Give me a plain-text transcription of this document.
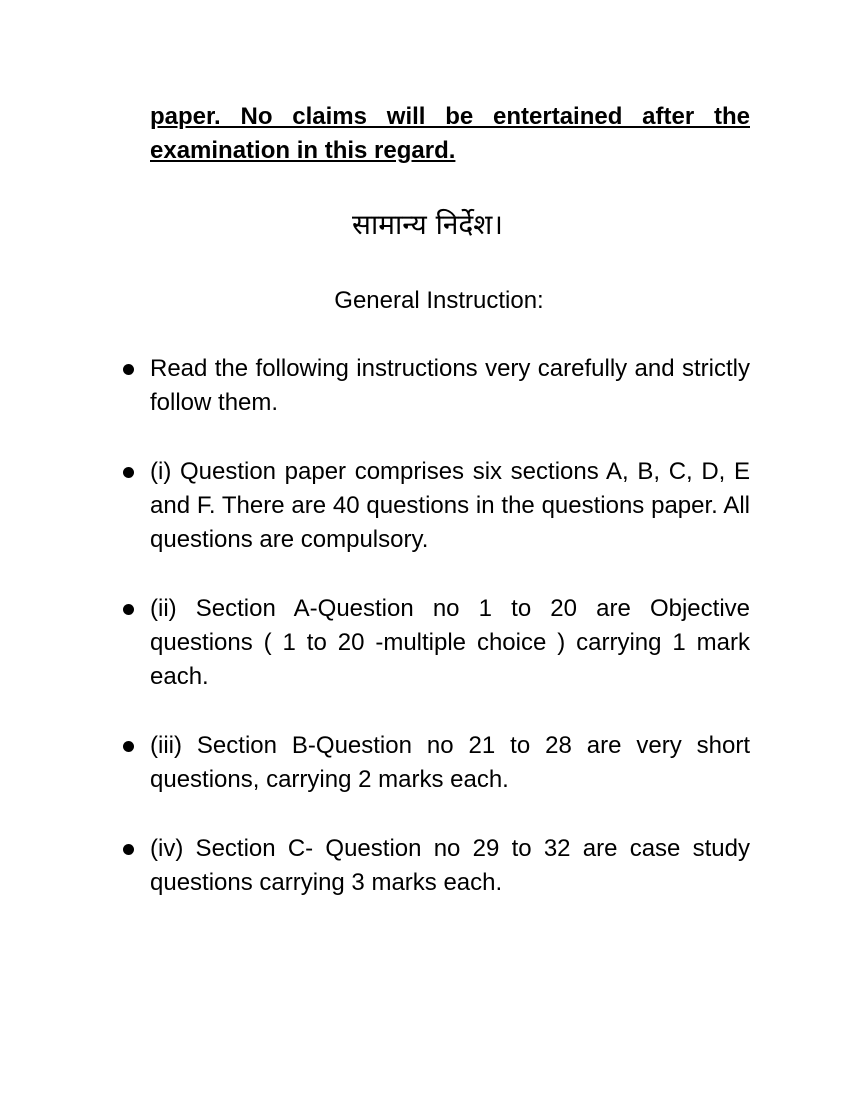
paper. No claims will be entertained after the examination in this regard.
सामान्य निर्देश।
General Instruction:
Read the following instructions very carefully and strictly follow them.
(i) Question paper comprises six sections A, B, C, D, E and F. There are 40 questions in the questions paper. All questions are compulsory.
(ii) Section A-Question no 1 to 20 are Objective questions ( 1 to 20 -multiple choice ) carrying 1 mark each.
(iii) Section B-Question no 21 to 28 are very short questions, carrying 2 marks each.
(iv) Section C- Question no 29 to 32 are case study questions carrying 3 marks each.
